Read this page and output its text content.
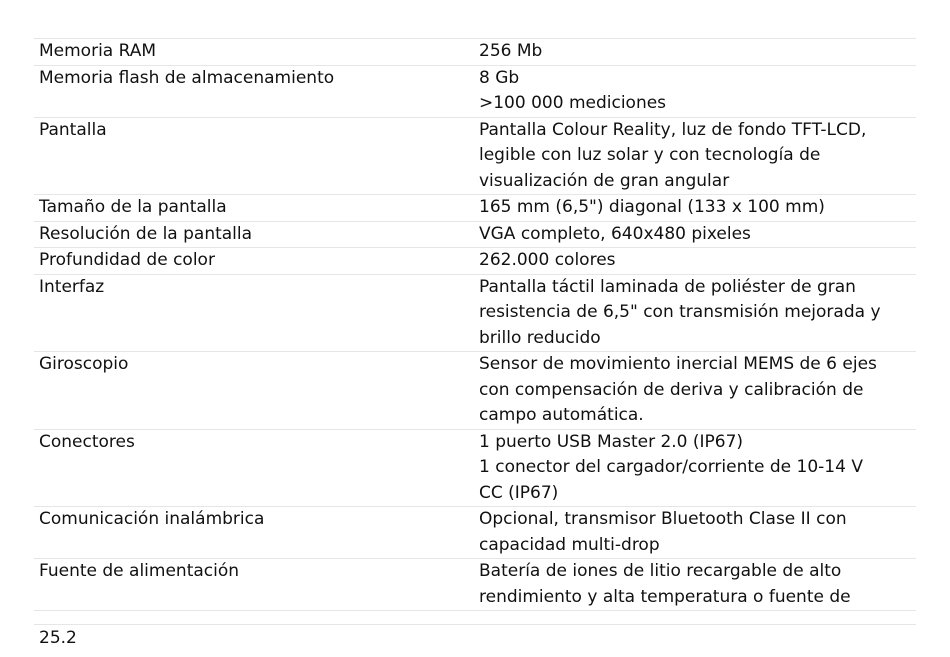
Memoria RAM	256 Mb
Memoria flash de almacenamiento	8 Gb
>100 000 mediciones
Pantalla	Pantalla Colour Reality, luz de fondo TFT-LCD,
legible con luz solar y con tecnología de
visualización de gran angular
Tamaño de la pantalla	165 mm (6,5") diagonal (133 x 100 mm)
Resolución de la pantalla	VGA completo, 640x480 pixeles
Profundidad de color	262.000 colores
Interfaz	Pantalla táctil laminada de poliéster de gran
resistencia de 6,5" con transmisión mejorada y
brillo reducido
Giroscopio	Sensor de movimiento inercial MEMS de 6 ejes
con compensación de deriva y calibración de
campo automática.
Conectores	1 puerto USB Master 2.0 (IP67)
1 conector del cargador/corriente de 10-14 V
CC (IP67)
Comunicación inalámbrica	Opcional, transmisor Bluetooth Clase II con
capacidad multi-drop
Fuente de alimentación	Batería de iones de litio recargable de alto
rendimiento y alta temperatura o fuente de
25.2
